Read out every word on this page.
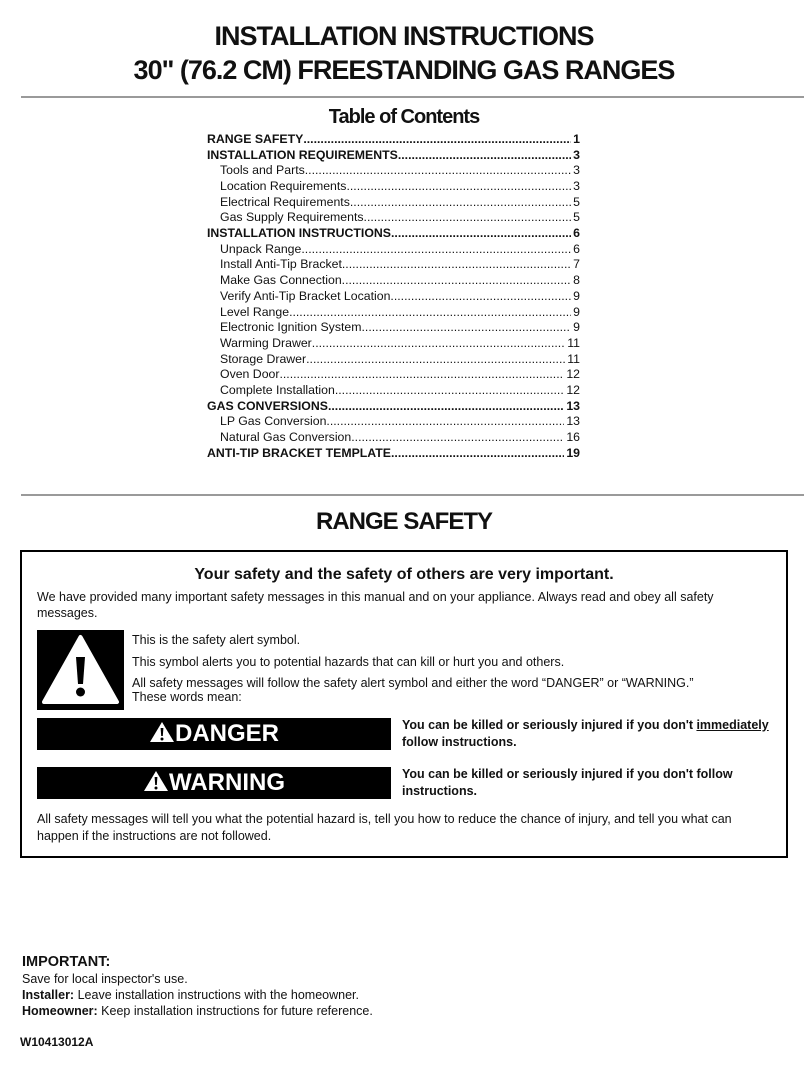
INSTALLATION INSTRUCTIONS
30" (76.2 CM) FREESTANDING GAS RANGES
Table of Contents
RANGE SAFETY .....	1
INSTALLATION REQUIREMENTS .....	3
Tools and Parts .....	3
Location Requirements .....	3
Electrical Requirements .....	5
Gas Supply Requirements .....	5
INSTALLATION INSTRUCTIONS .....	6
Unpack Range .....	6
Install Anti-Tip Bracket .....	7
Make Gas Connection .....	8
Verify Anti-Tip Bracket Location .....	9
Level Range .....	9
Electronic Ignition System .....	9
Warming Drawer .....	11
Storage Drawer .....	11
Oven Door .....	12
Complete Installation .....	12
GAS CONVERSIONS .....	13
LP Gas Conversion .....	13
Natural Gas Conversion .....	16
ANTI-TIP BRACKET TEMPLATE .....	19
RANGE SAFETY
Your safety and the safety of others are very important.
We have provided many important safety messages in this manual and on your appliance. Always read and obey all safety messages.
This is the safety alert symbol.
This symbol alerts you to potential hazards that can kill or hurt you and others.
All safety messages will follow the safety alert symbol and either the word “DANGER” or “WARNING.”
These words mean:
DANGER	You can be killed or seriously injured if you don't immediately
follow instructions.
WARNING	You can be killed or seriously injured if you don't follow instructions.
All safety messages will tell you what the potential hazard is, tell you how to reduce the chance of injury, and tell you what can happen if the instructions are not followed.
IMPORTANT:
Save for local inspector's use.
Installer: Leave installation instructions with the homeowner.
Homeowner: Keep installation instructions for future reference.
W10413012A
